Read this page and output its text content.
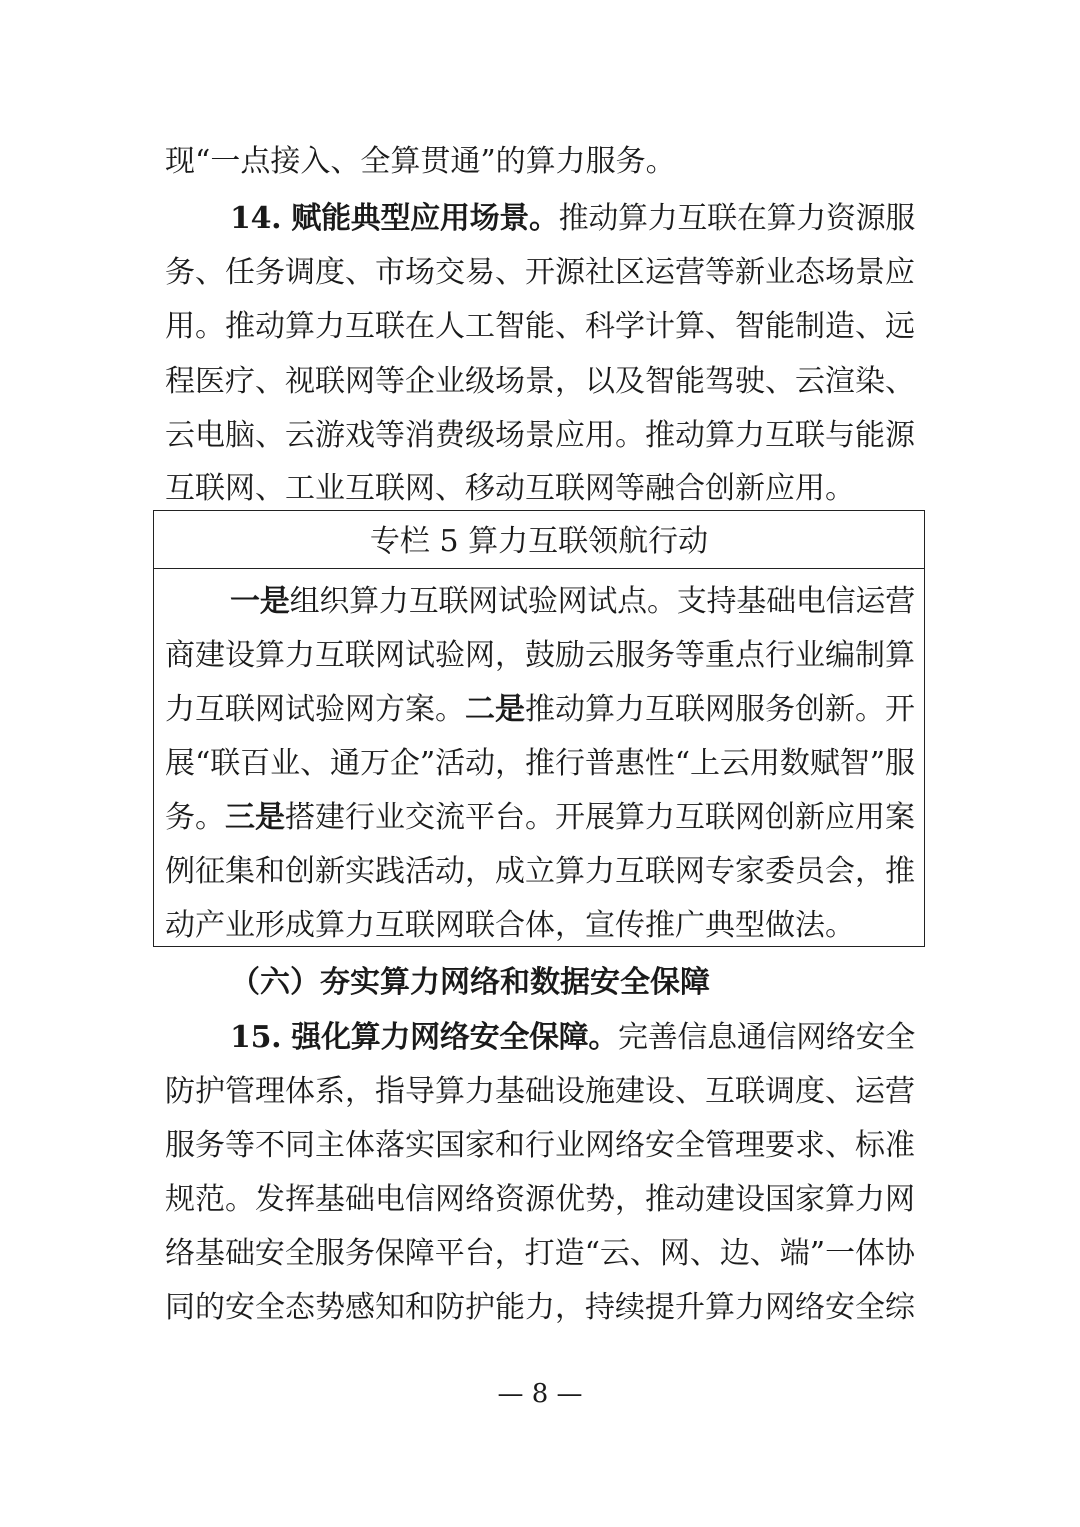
现“一点接入、全算贯通”的算力服务。
14. 赋能典型应用场景。推动算力互联在算力资源服
务、任务调度、市场交易、开源社区运营等新业态场景应
用。推动算力互联在人工智能、科学计算、智能制造、远
程医疗、视联网等企业级场景，以及智能驾驶、云渲染、
云电脑、云游戏等消费级场景应用。推动算力互联与能源
互联网、工业互联网、移动互联网等融合创新应用。
专栏 5 算力互联领航行动
一是组织算力互联网试验网试点。支持基础电信运营
商建设算力互联网试验网，鼓励云服务等重点行业编制算
力互联网试验网方案。二是推动算力互联网服务创新。开
展“联百业、通万企”活动，推行普惠性“上云用数赋智”服
务。三是搭建行业交流平台。开展算力互联网创新应用案
例征集和创新实践活动，成立算力互联网专家委员会，推
动产业形成算力互联网联合体，宣传推广典型做法。
（六）夯实算力网络和数据安全保障
15. 强化算力网络安全保障。完善信息通信网络安全
防护管理体系，指导算力基础设施建设、互联调度、运营
服务等不同主体落实国家和行业网络安全管理要求、标准
规范。发挥基础电信网络资源优势，推动建设国家算力网
络基础安全服务保障平台，打造“云、网、边、端”一体协
同的安全态势感知和防护能力，持续提升算力网络安全综
— 8 —
